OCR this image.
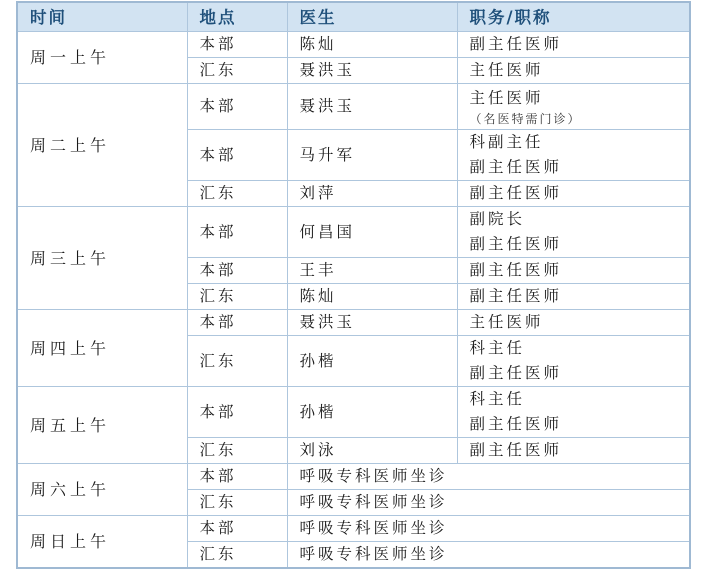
时间	地点	医生	职务/职称
周一上午	本部	陈灿	副主任医师

	汇东	聂洪玉	主任医师

周二上午	本部	聂洪玉	主任医师
（名医特需门诊）

	本部	马升军	科副主任
副主任医师

	汇东	刘萍	副主任医师

周三上午	本部	何昌国	副院长
副主任医师

	本部	王丰	副主任医师

	汇东	陈灿	副主任医师

周四上午	本部	聂洪玉	主任医师

	汇东	孙楷	科主任
副主任医师

周五上午	本部	孙楷	科主任
副主任医师

	汇东	刘泳	副主任医师

周六上午	本部	呼吸专科医师坐诊	
	汇东	呼吸专科医师坐诊	
周日上午	本部	呼吸专科医师坐诊	
	汇东	呼吸专科医师坐诊	
